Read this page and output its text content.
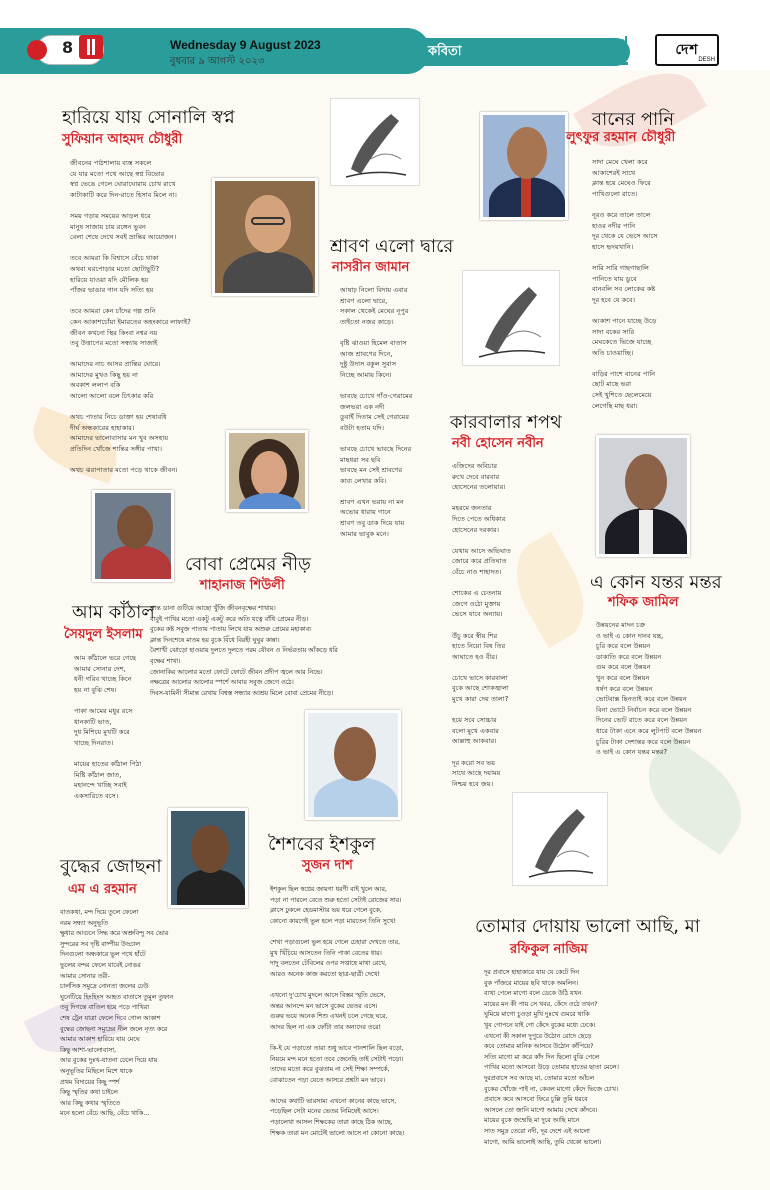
8	Wednesday 9 August 2023
বুধবার ৯ আগস্ট ২০২৩
কবিতা	দেশ
DESH
হারিয়ে যায় সোনালি স্বপ্ন
সুফিয়ান আহমদ চৌধুরী
জীবনের পাঠশালায় ব্যস্ত সকলে
যে যার মতো পথে আছে স্বপ্ন বিভোর
স্বপ্ন ভেঙে গেলে ঘোরাঘোরায় চোখ রাখে
কাটাকাটি করে দিন-রাতে হিসাব মিলে না।

সময় গড়ায় সময়ের আড়ল ধরে
মানুষ সাজায় চায় রঙ্গেন ভুবন
বেলা শেষে দেখে সবই ভ্রান্তির আয়োজন।

তবে আমরা কি বিশ্বাসে বেঁচে থাকা
অথবা ঘরপোড়ার মতো ছোটাছুটি?
হারিয়ে যাওয়া যদি মৌলিক হয়
পাঁজর ভাঙার গান যদি সত্যি হয়

তবে আমরা কেন চাঁদের গল্প শুনি
কেন আকাশচোঁয়া ইমারতের অহংকারে লাফাই?
জীবন কখনো স্থির কিংবা নশ্বর নয়
তবু উত্তাপের মতো সন্ধ্যায় সাজাই

আমাদের নাচ আসর প্রান্তির ঘোরে।
আমাদের মুখও কিছু হয় না
অবকাশ ললাপ বকি
আলো আলো বলে চিৎকার করি

অথচ পাতার নিচে ডাক্তা হয় শেষাবধি
দীর্ঘ অন্ধকারের হাহাকার।
আমাদের ভালোবাসার মন খুব অসহায়
প্রতিদিন খোঁজে শান্তির সঙ্গীর পাখা।

অথচ ঝরাপাতার মতো পড়ে থাকে জীবন।
শ্রাবণ এলো দ্বারে
নাসরীন জামান
আষাঢ় নিলো বিদায় এবার
শ্রাবণ এলো দ্বারে,
সকাল থেকেই মেঘের নূপুর
তাইতো নজর কাড়ে।

বৃষ্টি ঝাওয়া হিমেল বাতাস
আজ শ্রাবণের দিনে,
দুষ্টু উদাস বকুল সুবাস
নিচ্ছে আমায় কিনে।

ভাবছে চোখে গাঁও-গেরামের
জলভরা এক নদী
ডুবাইঁ দিতাম সেই গেরামের
বউটা হতাম যদি।

ভাবছে চোখে ভাবছে দিনের
মাছধরা সব ছবি
ভাবছে মন সেই শ্রাবণের
কাব্য লেখার কবি।

শ্রাবণ এখন ভরায় না মন
অভোর ধারায় গানে
শ্রাবণ তবু ডাক দিয়ে যায়
আমার ভাবুক মনে।
বানের পানি
লুৎফুর রহমান চৌধুরী
সাদা মেঘে খেলা করে
আকাশেরই সাথে
ক্লান্ত হয়ে মেঘেও ফিরে
পাখিগুলো রাতে।

নূরও করে তালে তালে
হাওর নদীর পানি
দূর থেকে যে ভেসে আসে
হাসে হৃদয়খানি।

সারি সারি গাছগাছালি
পানিতে যায় ডুবে
বানবলি সব লোকের কষ্ট
দূর হবে যে কবে।

আকাশ পানে যাচ্ছে উড়ে
সাদা বকের সারি
মেঘকেতে ভিজে যাচ্ছে
অতি চাওয়াচ্ছি।

বাড়ির পাশে বানের পানি
ছোট মাছে ভরা
সেই খুশিতে ছেলেমেয়ে
লেগেছি মাছ ধরা।
কারবালার শপথ
নবী হোসেন নবীন
এজিদের অবিচার
রুখে দেবে বারবার
হোসেনের তলোয়ার।

মহরমে জনতার
দিতে পেতে অধিকার
হোসেনের দরকার।

যেথায় আসে অভিঘাত
জোরে করে প্রতিঘাত
বেঁচে নাও শাহাদত।

শোকের এ চেতনায়
জেগে ওঠো মুক্তায়
ভেসে যাবে অন্যায়।

উঁচু করে স্বীয় শির
হাতে নিয়ো বিষ তির
আঘাতে হও বীর।

চোখে ভাসে কারবালা
বুকে আছে শোকজ্বালা
মুখে কারা দেয় তালা?

হয়ে সবে সোচ্চার
বলো মুখে একবার
আল্লাহু আকবার।

দূর করো সব ভয়
সাথে আছে দয়াময়
নিশ্চয় হবে জয়।
বোবা প্রেমের নীড়
শাহানাজ শিউলী
শ্রান্ত ডানা গুটিয়ে আছো খুঁজি জীবনবৃক্ষের শাখায়।
বাবুই পাখির মতো একটু একটু করে অতি যত্নে বাঁধি প্রেমের নীড়।
বুকের কষ্ট সবুজ পাতায় পাতায় লিখে যায় অশুরু প্রেমের মহাকাব্য
ক্লান্ত দিনশেষে মাতম হয় বুকে বিঁধে বিরহী ঘুঘুর কান্না।
বৈশাখী ঝোড়ো হাওয়ায় দুলতে দুলতে পরম যৌবন ও নির্ভরতায় আঁকড়ে ধরি
বৃক্ষের শাখা।
জোনাকির আলোর মতো ফোটে ফোটে জীবন প্রদীপ জ্বলে আর নিভে।
নক্ষত্রের আলোর আলোর স্পর্শে আবার সবুজ জেগে ওঠে।
দিবস-যামিনী সীমান্ত রেখায় বিশ্বস্ত সন্ধ্যার আশ্রয় মিলে বোবা প্রেমের নীড়ে।
আম কাঁঠাল
সৈয়দুল ইসলাম
আম কাঁঠালে ভরে গেছে
আমার সোনার দেশ,
ধনী গরিব খাচ্ছে কিনে
হয় না বুঝি শেষ।

পাকা আমের মধুর রসে
ধানকাটি ভাত,
দুধ মিশিয়ে মুখটি করে
খাচ্ছে দিনরাত।

মায়ের হাতের কাঁঠাল পিঠা
মিষ্টি কাঁঠাল জাত,
মহানন্দে খাচ্ছি সবাই
একসারিতে বসে।
এ কোন যন্তর মন্তর
শফিক জামিল
উন্নয়নের মাদন চক্র
ও ভাই এ কোন দানব যন্ত্র,
চুরি করে বলে উন্নয়ন
ডাকাতি করে বলে উন্নয়ন
গুম করে বলে উন্নয়ন
খুন করে বলে উন্নয়ন
ধর্ষণ করে বলে উন্নয়ন
ভোটবাক্স ছিনতাই করে বলে উন্নয়ন
বিনা ভোটে নির্বাচন করে বলে উন্নয়ন
দিনের ভোট রাতে করে বলে উন্নয়ন
ধারে টাকা এনে করে লুটপাট বলে উন্নয়ন
চুরির টাকা দেশান্তর করে বলে উন্নয়ন
ও ভাই এ কোন যন্তর মন্তর?
শৈশবের ইশকুল
সুজন দাশ
ইশকুল ছিল স্বপ্নের জায়গা ধরণী বাই খুলে আর,
পড়া না পারলে বেতে শুরু হতো সেটাই রোজের সার।
ক্লাসে ঢুকলে হেডমাস্টার ভয় ধরে গেলে বুকে,
কোনো কারণেই ভুল হলে পড়া মারতেন তিনি সুখে!

শেখা পড়াগুলো ভুল হয়ে গেলে চেহারা দেখতে তার,
মুখ খিঁচিয়ে আসতেন তিনি পাকা বেতের ধার।
দাদু বলতেন টেবিলের ওপর সপ্তাহে মাথা রেখে,
আরও অনেক কাজ করতো ছাত্র-ছাত্রী দেখে!

এখনো দু'চোখ মুদলে আসে বিস্তর স্মৃতি ভেসে,
অন্তর আনন্দে মন ভাসে বুকের ভেতর এসে।
গুরুর ভয়ে অনেক শিশু এখনই চলে গেছে ঘরে,
আদর ছিল না এক ফোঁটা তার অন্যদের তরে!

কি-ই যে পড়াতো তারা শুধু ভাবে পানশালি ছিল বড়ো,
নিয়মে মন্দ মনে হতো তবে জেনেছি তাই সেটাই পড়ো।
তাদের মতো করে বুঝতাম না সেই শিক্ষা সম্পর্কে,
বোঝাতেন পড়া যেতে আসরে প্রশ্নটা মন ভাবে।

আদের কথাটি ভারসাম্য এখনো কানের কাছে ভাসে,
পড়েছিল সেটা মনের ভেতর নিমিষেই আসে।
পড়ালেখা আসল শিক্ষকের তারা কাছে ঠিক আছে,
শিক্ষক তারা মন মোটেই ভালো আসে না কোনো কাছে।
বুদ্ধের জোছনা
এম এ রহমান
বাতকথা, মন্দ দিয়ে তুলে ফেলো
নরম সন্ধ্যা অনুভূতি
ক্ষুধার আগুনে সিদ্ধ করে অশ্রুবিন্দু সব ভোর
সুন্দরের সব দৃষ্টি বাষ্পীয় উড্ডাল
দিনগুলো অন্ধকারে ভুল পথে হাঁটে
ভুলের বন্দর ফেলে যাবেই নোঙর
আমার সোনার তরী-
চার্লসিক সমুদ্রে নোনতা জলের ঢেউ
ঘুনেটিয়ে হিংহিংস আহত বাতাসে তুমুল তুফান
তবু দিগন্তে বাতিল হয়ে পড়ে পাখিরা
শেষ ট্রেন যাত্রা ফেলে দিবে গোল আকাশ
বুদ্ধের জোছনা সমুদ্রের নীল জলে নৃত্য করে
আমার আকাশ হারিয়ে যায় মেঘে
কিছু আশা-ভালোবাসা,
আর বুকের দুঃখ-যাতনা ঢেলে দিয়ে যায়
অনুভূতির মিছিলে মিশে থাকে
প্রথম বিদায়ের কিছু স্পর্শ
কিছু স্মৃতির কথা চাইলে
আর কিছু কথার স্মৃতিতে
মনে হলো বেঁচে আছি, বেঁচে থাকি...
তোমার দোয়ায় ভালো আছি, মা
রফিকুল নাজিম
দূর প্রবাসে হাহাকারে যায় যে কেটে দিন
বুক পাঁজরে মায়ের ছবি থাকে অমলিন।
ব্যথা পেলে মাগো বলে ডেকে উঠি যখন
মায়ের মন কী পায় সে খবর, কেঁদে ওঠে তখন?
ঘুমিয়ে মাগো চুওড়া মুখি দুঃখে গুমরে থাকি
খুব গোপনে যাই গো কেঁদে বুকের মধ্যে ঢেকে।
এখনো কী সকাল দুপুরে উঠোন রোদে ছেড়ে
কবে তোমার মানিক আসবে উঠোন কাঁপিয়ে?
সত্যি মাগো মা করে কাঁদ দিন ছিলো বুঝি পেলে
পাখির মতো আসবো উড়ে তোমার হাতের ছাতা মেলে।
দুরপ্রবাসে সব আছে মা, তোমার মতো আঁচল
বুকের খোঁজে পাই না, কেবল মাগো কেঁদে ভিজে চোখ।
প্রবাসে কবে আসবো ফিরে চুল্লি তুমি ধরবে
আসলে তো জানি মাগো আমায় দেখে কাঁদবে।
মায়ের বুকে জন্মেছি মা দুরে আছি মানে
সাত সমুদ্র তেরো নদী, দূর দেশে এই আলো
মাগো, আমি ভালোই আছি, তুমি থেকো ভালো।
